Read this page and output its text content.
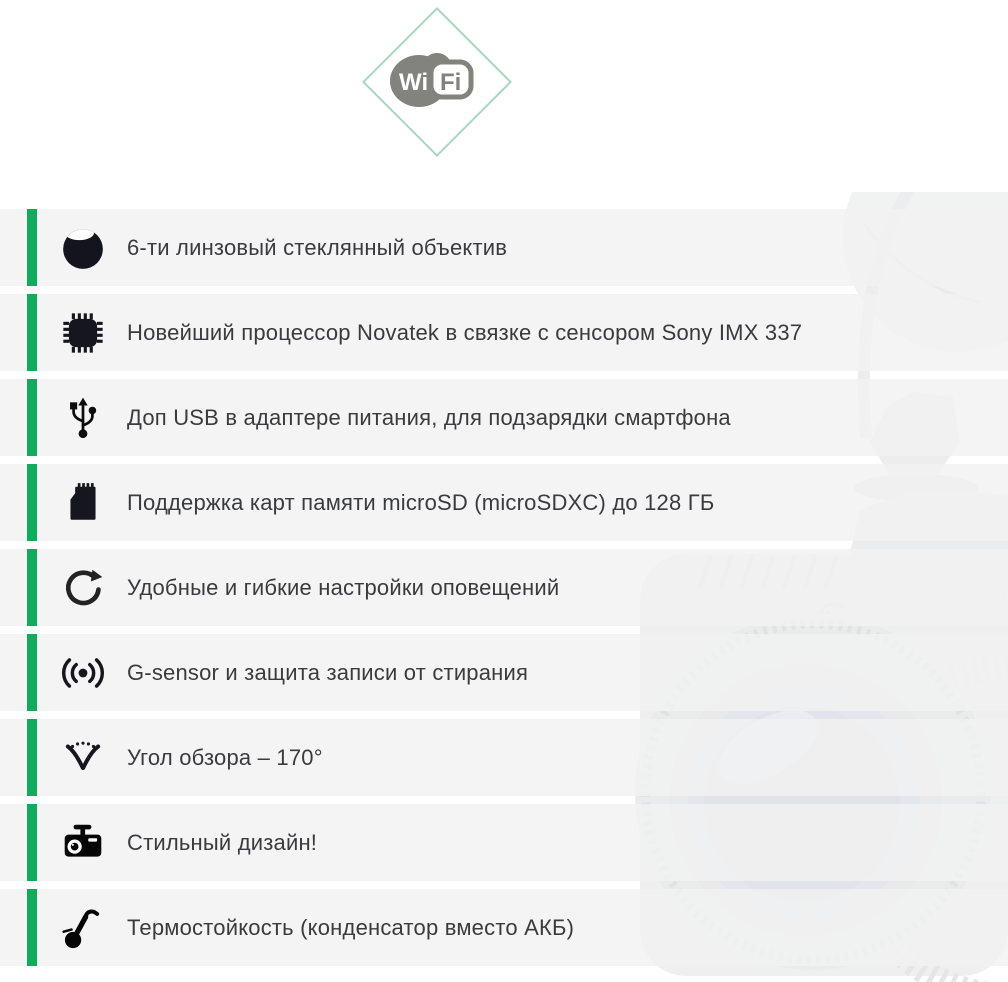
Wi Fi
6-ти линзовый стеклянный объектив
Новейший процессор Novatek в связке с сенсором Sony IMX 337
Доп USB в адаптере питания, для подзарядки смартфона
Поддержка карт памяти microSD (microSDXC) до 128 ГБ
Удобные и гибкие настройки оповещений
G-sensor и защита записи от стирания
Угол обзора – 170°
Стильный дизайн!
Термостойкость (конденсатор вместо АКБ)
